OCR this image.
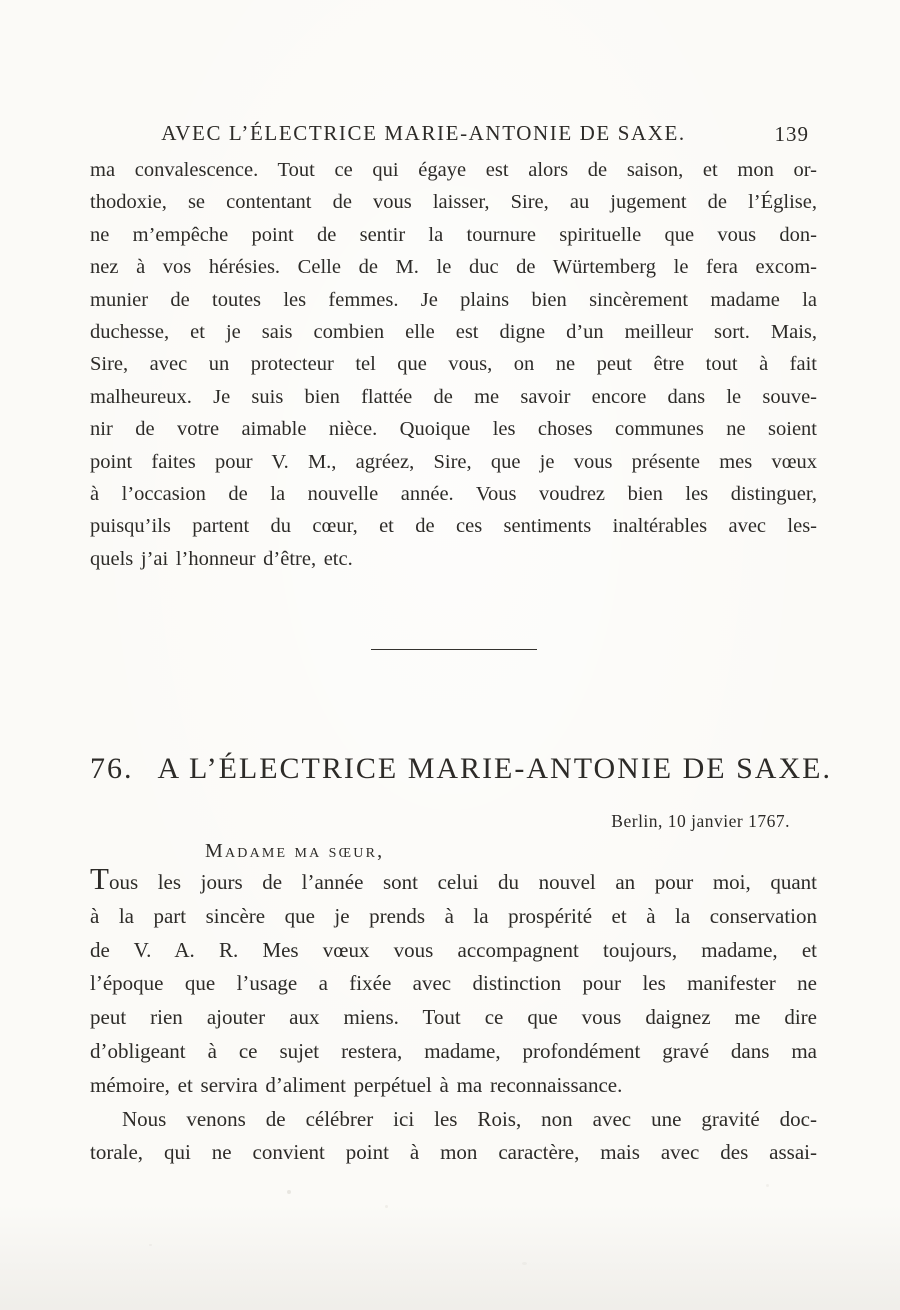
AVEC L’ÉLECTRICE MARIE-ANTONIE DE SAXE.	139
ma convalescence. Tout ce qui égaye est alors de saison, et mon or-
thodoxie, se contentant de vous laisser, Sire, au jugement de l’Église,
ne m’empêche point de sentir la tournure spirituelle que vous don-
nez à vos hérésies. Celle de M. le duc de Würtemberg le fera excom-
munier de toutes les femmes. Je plains bien sincèrement madame la
duchesse, et je sais combien elle est digne d’un meilleur sort. Mais,
Sire, avec un protecteur tel que vous, on ne peut être tout à fait
malheureux. Je suis bien flattée de me savoir encore dans le souve-
nir de votre aimable nièce. Quoique les choses communes ne soient
point faites pour V. M., agréez, Sire, que je vous présente mes vœux
à l’occasion de la nouvelle année. Vous voudrez bien les distinguer,
puisqu’ils partent du cœur, et de ces sentiments inaltérables avec les-
quels j’ai l’honneur d’être, etc.
76. A L’ÉLECTRICE MARIE-ANTONIE DE SAXE.
Berlin, 10 janvier 1767.
Madame ma sœur,
Tous les jours de l’année sont celui du nouvel an pour moi, quant
à la part sincère que je prends à la prospérité et à la conservation
de V. A. R. Mes vœux vous accompagnent toujours, madame, et
l’époque que l’usage a fixée avec distinction pour les manifester ne
peut rien ajouter aux miens. Tout ce que vous daignez me dire
d’obligeant à ce sujet restera, madame, profondément gravé dans ma
mémoire, et servira d’aliment perpétuel à ma reconnaissance.
Nous venons de célébrer ici les Rois, non avec une gravité doc-
torale, qui ne convient point à mon caractère, mais avec des assai-
